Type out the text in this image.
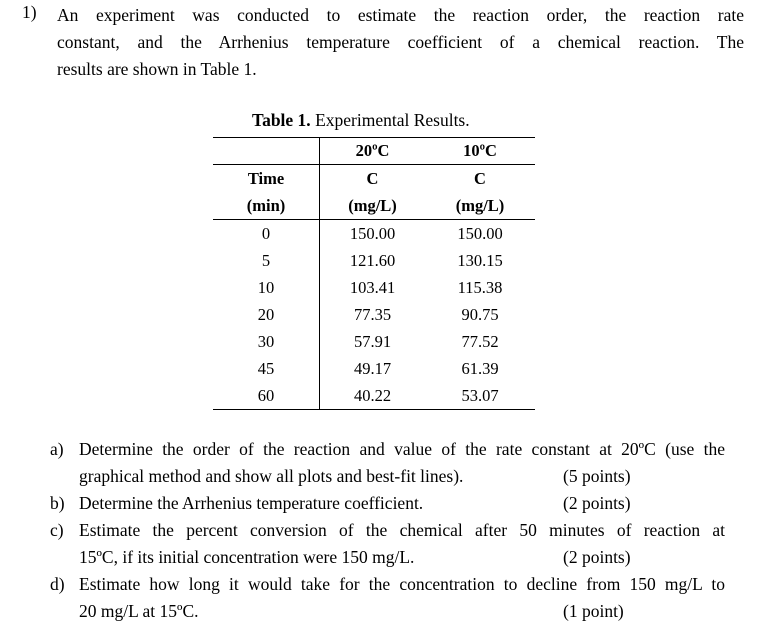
1) An experiment was conducted to estimate the reaction order, the reaction rate
constant, and the Arrhenius temperature coefficient of a chemical reaction. The
results are shown in Table 1.
Table 1. Experimental Results.
	20ºC	10ºC
Time	C	C
(min)	(mg/L)	(mg/L)
0	150.00	150.00
5	121.60	130.15
10	103.41	115.38
20	77.35	90.75
30	57.91	77.52
45	49.17	61.39
60	40.22	53.07
a) Determine the order of the reaction and value of the rate constant at 20ºC (use the
graphical method and show all plots and best-fit lines).	(5 points)

b) Determine the Arrhenius temperature coefficient.	(2 points)

c) Estimate the percent conversion of the chemical after 50 minutes of reaction at
15ºC, if its initial concentration were 150 mg/L.	(2 points)

d) Estimate how long it would take for the concentration to decline from 150 mg/L to
20 mg/L at 15ºC.	(1 point)
